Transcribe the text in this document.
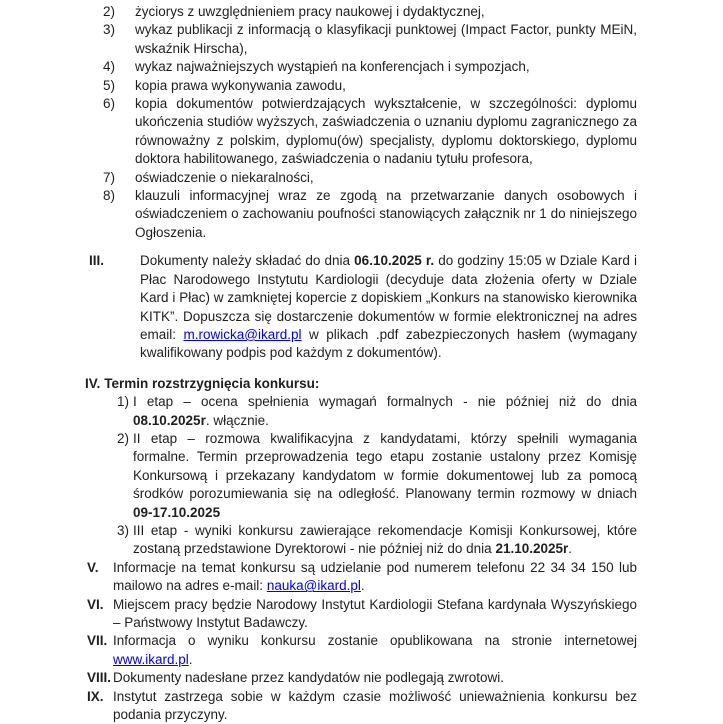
2)	życiorys z uwzględnieniem pracy naukowej i dydaktycznej,
3)	wykaz publikacji z informacją o klasyfikacji punktowej (Impact Factor, punkty MEiN, wskaźnik Hirscha),
4)	wykaz najważniejszych wystąpień na konferencjach i sympozjach,
5)	kopia prawa wykonywania zawodu,
6)	kopia dokumentów potwierdzających wykształcenie, w szczególności: dyplomu ukończenia studiów wyższych, zaświadczenia o uznaniu dyplomu zagranicznego za równoważny z polskim, dyplomu(ów) specjalisty, dyplomu doktorskiego, dyplomu doktora habilitowanego, zaświadczenia o nadaniu tytułu profesora,
7)	oświadczenie o niekaralności,
8)	klauzuli informacyjnej wraz ze zgodą na przetwarzanie danych osobowych i oświadczeniem o zachowaniu poufności stanowiących załącznik nr 1 do niniejszego Ogłoszenia.
III.	Dokumenty należy składać do dnia 06.10.2025 r. do godziny 15:05 w Dziale Kard i Płac Narodowego Instytutu Kardiologii (decyduje data złożenia oferty w Dziale Kard i Płac) w zamkniętej kopercie z dopiskiem „Konkurs na stanowisko kierownika KITK”. Dopuszcza się dostarczenie dokumentów w formie elektronicznej na adres email: m.rowicka@ikard.pl w plikach .pdf zabezpieczonych hasłem (wymagany kwalifikowany podpis pod każdym z dokumentów).
IV. Termin rozstrzygnięcia konkursu:
1) I etap – ocena spełnienia wymagań formalnych - nie później niż do dnia 08.10.2025r. włącznie.
2) II etap – rozmowa kwalifikacyjna z kandydatami, którzy spełnili wymagania formalne. Termin przeprowadzenia tego etapu zostanie ustalony przez Komisję Konkursową i przekazany kandydatom w formie dokumentowej lub za pomocą środków porozumiewania się na odległość. Planowany termin rozmowy w dniach 09-17.10.2025
3) III etap - wyniki konkursu zawierające rekomendacje Komisji Konkursowej, które zostaną przedstawione Dyrektorowi - nie później niż do dnia 21.10.2025r.
V.	Informacje na temat konkursu są udzielanie pod numerem telefonu 22 34 34 150 lub mailowo na adres e-mail: nauka@ikard.pl.
VI. Miejscem pracy będzie Narodowy Instytut Kardiologii Stefana kardynała Wyszyńskiego – Państwowy Instytut Badawczy.
VII. Informacja o wyniku konkursu zostanie opublikowana na stronie internetowej www.ikard.pl.
VIII. Dokumenty nadesłane przez kandydatów nie podlegają zwrotowi.
IX. Instytut zastrzega sobie w każdym czasie możliwość unieważnienia konkursu bez podania przyczyny.
